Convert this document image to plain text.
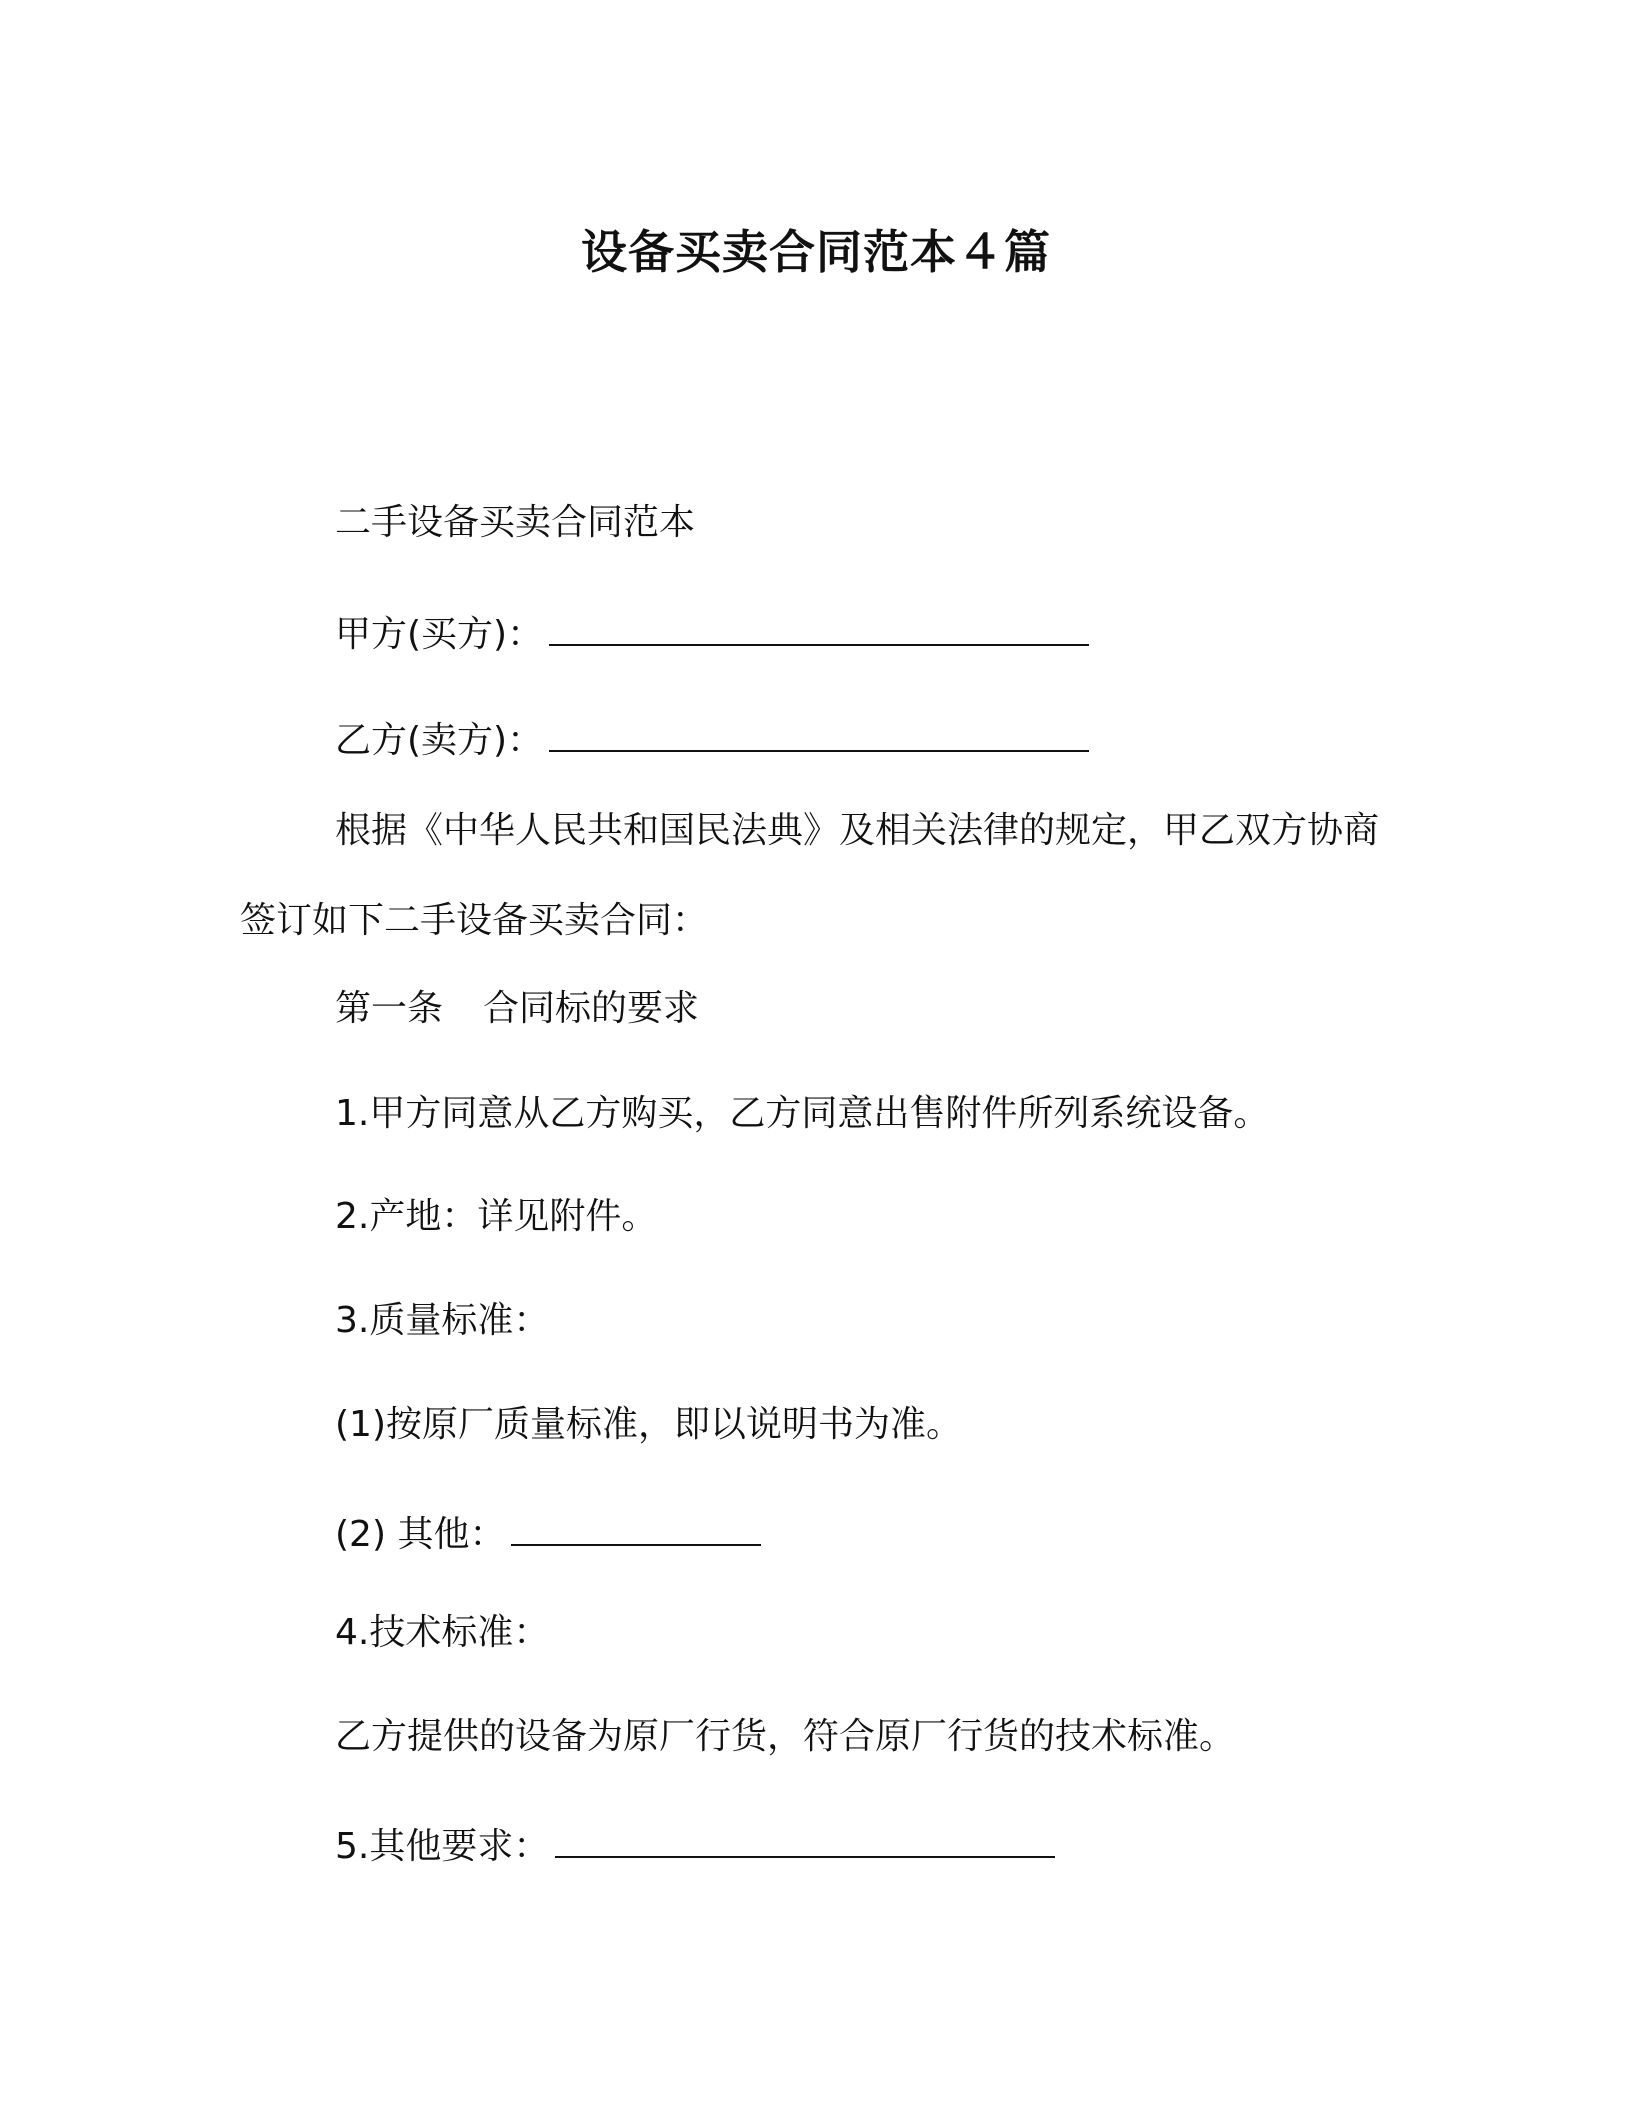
设备买卖合同范本４篇
二手设备买卖合同范本
甲方(买方)：
乙方(卖方)：
根据《中华人民共和国民法典》及相关法律的规定，甲乙双方协商签订如下二手设备买卖合同：
第一条 合同标的要求
1.甲方同意从乙方购买，乙方同意出售附件所列系统设备。
2.产地：详见附件。
3.质量标准：
(1)按原厂质量标准，即以说明书为准。
(2) 其他：
4.技术标准：
乙方提供的设备为原厂行货，符合原厂行货的技术标准。
5.其他要求：
